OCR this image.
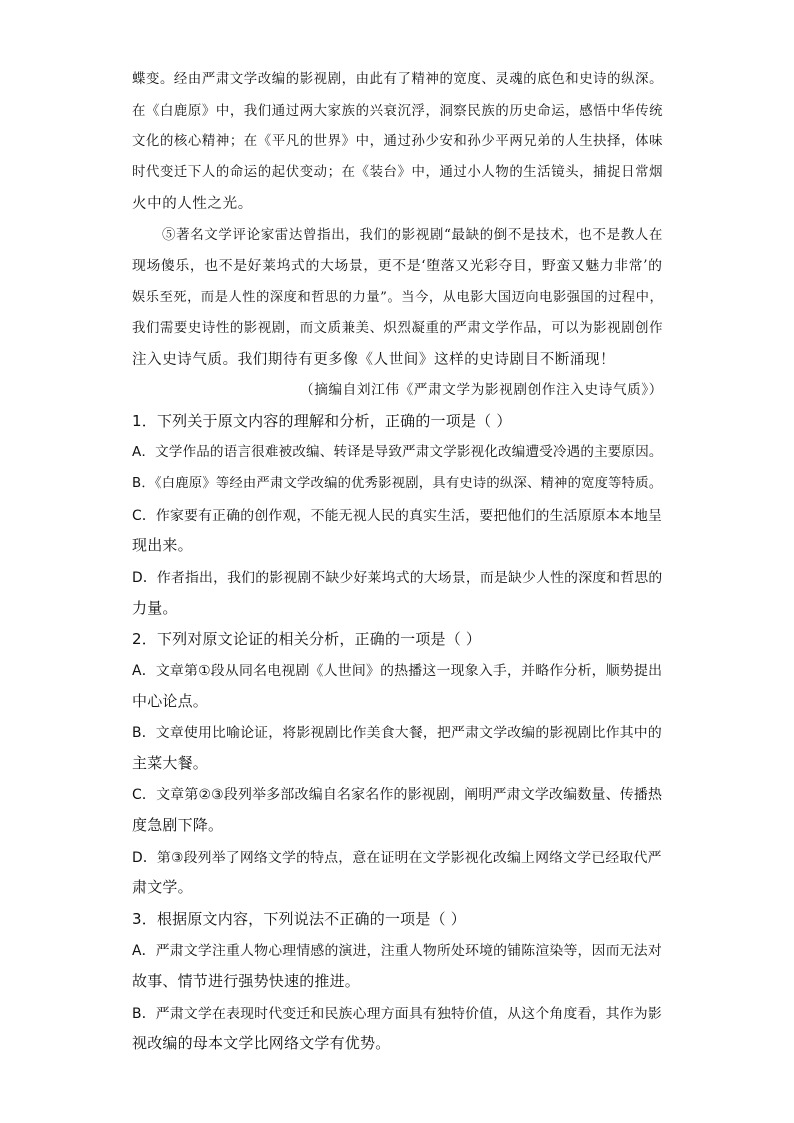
蝶变。经由严肃文学改编的影视剧，由此有了精神的宽度、灵魂的底色和史诗的纵深。
在《白鹿原》中，我们通过两大家族的兴衰沉浮，洞察民族的历史命运，感悟中华传统
文化的核心精神；在《平凡的世界》中，通过孙少安和孙少平两兄弟的人生抉择，体味
时代变迁下人的命运的起伏变动；在《装台》中，通过小人物的生活镜头，捕捉日常烟
火中的人性之光。
⑤著名文学评论家雷达曾指出，我们的影视剧“最缺的倒不是技术，也不是教人在
现场傻乐，也不是好莱坞式的大场景，更不是‘堕落又光彩夺目，野蛮又魅力非常’的
娱乐至死，而是人性的深度和哲思的力量”。当今，从电影大国迈向电影强国的过程中，
我们需要史诗性的影视剧，而文质兼美、炽烈凝重的严肃文学作品，可以为影视剧创作
注入史诗气质。我们期待有更多像《人世间》这样的史诗剧目不断涌现！
（摘编自刘江伟《严肃文学为影视剧创作注入史诗气质》）
1．下列关于原文内容的理解和分析，正确的一项是（ ）
A．文学作品的语言很难被改编、转译是导致严肃文学影视化改编遭受冷遇的主要原因。
B．《白鹿原》等经由严肃文学改编的优秀影视剧，具有史诗的纵深、精神的宽度等特质。
C．作家要有正确的创作观，不能无视人民的真实生活，要把他们的生活原原本本地呈
现出来。
D．作者指出，我们的影视剧不缺少好莱坞式的大场景，而是缺少人性的深度和哲思的
力量。
2．下列对原文论证的相关分析，正确的一项是（ ）
A．文章第①段从同名电视剧《人世间》的热播这一现象入手，并略作分析，顺势提出
中心论点。
B．文章使用比喻论证，将影视剧比作美食大餐，把严肃文学改编的影视剧比作其中的
主菜大餐。
C．文章第②③段列举多部改编自名家名作的影视剧，阐明严肃文学改编数量、传播热
度急剧下降。
D．第③段列举了网络文学的特点，意在证明在文学影视化改编上网络文学已经取代严
肃文学。
3．根据原文内容，下列说法不正确的一项是（ ）
A．严肃文学注重人物心理情感的演进，注重人物所处环境的铺陈渲染等，因而无法对
故事、情节进行强势快速的推进。
B．严肃文学在表现时代变迁和民族心理方面具有独特价值，从这个角度看，其作为影
视改编的母本文学比网络文学有优势。
